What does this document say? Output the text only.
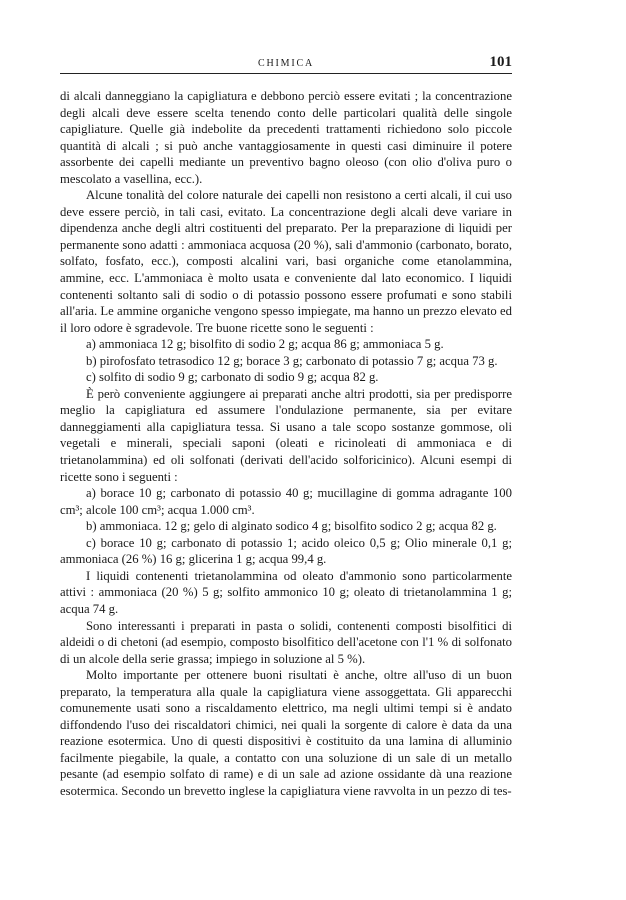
CHIMICA	101

di alcali danneggiano la capigliatura e debbono perciò essere evitati ; la concentrazione degli alcali deve essere scelta tenendo conto delle particolari qualità delle singole capigliature. Quelle già indebolite da precedenti trattamenti richiedono solo piccole quantità di alcali ; si può anche vantaggiosamente in questi casi diminuire il potere assorbente dei capelli mediante un preventivo bagno oleoso (con olio d'oliva puro o mescolato a vasellina, ecc.).

Alcune tonalità del colore naturale dei capelli non resistono a certi alcali, il cui uso deve essere perciò, in tali casi, evitato. La concentrazione degli alcali deve variare in dipendenza anche degli altri costituenti del preparato. Per la preparazione di liquidi per permanente sono adatti : ammoniaca acquosa (20 %), sali d'ammonio (carbonato, borato, solfato, fosfato, ecc.), composti alcalini vari, basi organiche come etanolammina, ammine, ecc. L'ammoniaca è molto usata e conveniente dal lato economico. I liquidi contenenti soltanto sali di sodio o di potassio possono essere profumati e sono stabili all'aria. Le ammine organiche vengono spesso impiegate, ma hanno un prezzo elevato ed il loro odore è sgradevole. Tre buone ricette sono le seguenti :

a) ammoniaca 12 g; bisolfito di sodio 2 g; acqua 86 g; ammoniaca 5 g.

b) pirofosfato tetrasodico 12 g; borace 3 g; carbonato di potassio 7 g; acqua 73 g.

c) solfito di sodio 9 g; carbonato di sodio 9 g; acqua 82 g.

È però conveniente aggiungere ai preparati anche altri prodotti, sia per predisporre meglio la capigliatura ed assumere l'ondulazione permanente, sia per evitare danneggiamenti alla capigliatura tessa. Si usano a tale scopo sostanze gommose, oli vegetali e minerali, speciali saponi (oleati e ricinoleati di ammoniaca e di trietanolammina) ed oli solfonati (derivati dell'acido solforicinico). Alcuni esempi di ricette sono i seguenti :

a) borace 10 g; carbonato di potassio 40 g; mucillagine di gomma adragante 100 cm³; alcole 100 cm³; acqua 1.000 cm³.

b) ammoniaca. 12 g; gelo di alginato sodico 4 g; bisolfito sodico 2 g; acqua 82 g.

c) borace 10 g; carbonato di potassio 1; acido oleico 0,5 g; Olio minerale 0,1 g; ammoniaca (26 %) 16 g; glicerina 1 g; acqua 99,4 g.

I liquidi contenenti trietanolammina od oleato d'ammonio sono particolarmente attivi : ammoniaca (20 %) 5 g; solfito ammonico 10 g; oleato di trietanolammina 1 g; acqua 74 g.

Sono interessanti i preparati in pasta o solidi, contenenti composti bisolfitici di aldeidi o di chetoni (ad esempio, composto bisolfitico dell'acetone con l'1 % di solfonato di un alcole della serie grassa; impiego in soluzione al 5 %).

Molto importante per ottenere buoni risultati è anche, oltre all'uso di un buon preparato, la temperatura alla quale la capigliatura viene assoggettata. Gli apparecchi comunemente usati sono a riscaldamento elettrico, ma negli ultimi tempi si è andato diffondendo l'uso dei riscaldatori chimici, nei quali la sorgente di calore è data da una reazione esotermica. Uno di questi dispositivi è costituito da una lamina di alluminio facilmente piegabile, la quale, a contatto con una soluzione di un sale di un metallo pesante (ad esempio solfato di rame) e di un sale ad azione ossidante dà una reazione esotermica. Secondo un brevetto inglese la capigliatura viene ravvolta in un pezzo di tes-
